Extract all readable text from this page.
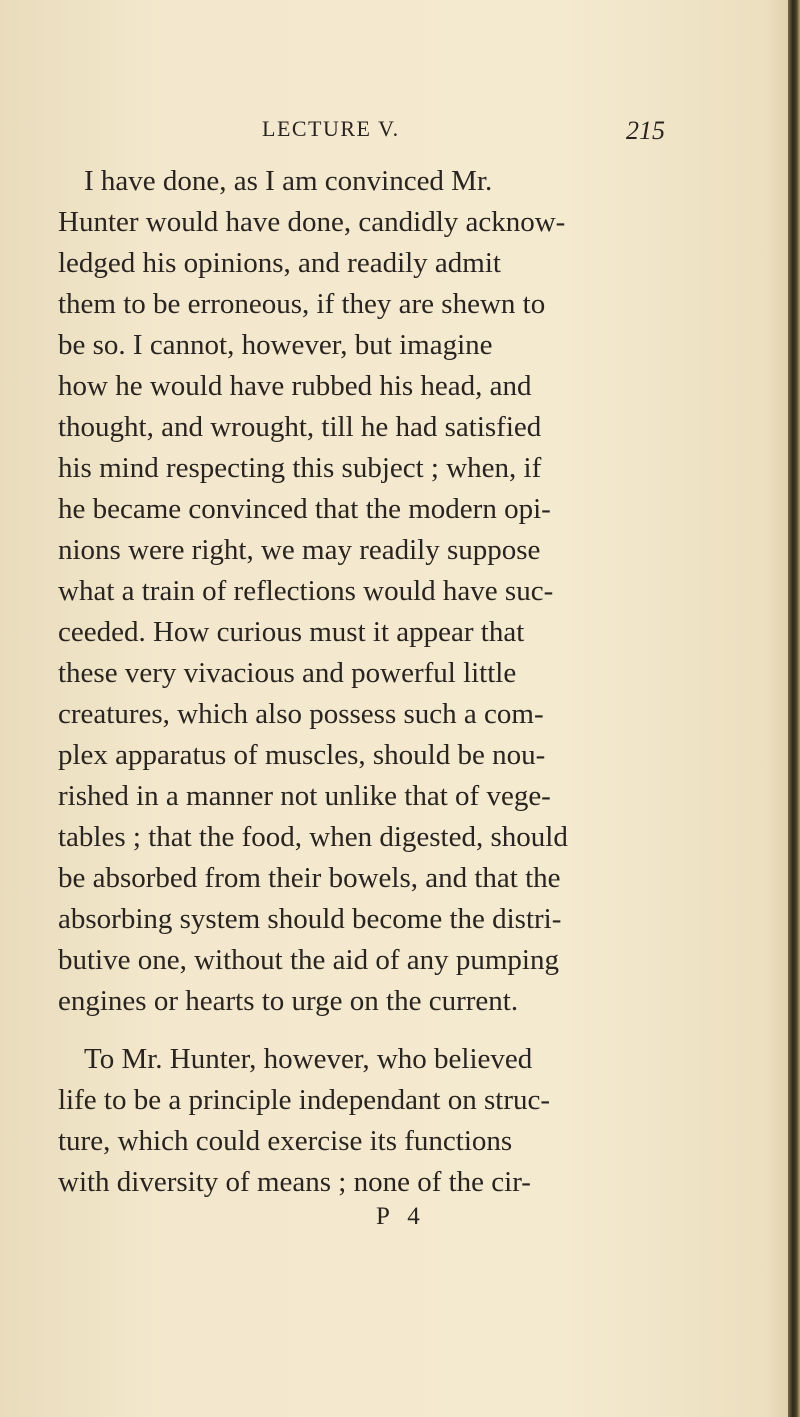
LECTURE V.	215
I have done, as I am convinced Mr.
Hunter would have done, candidly acknow-
ledged his opinions, and readily admit
them to be erroneous, if they are shewn to
be so. I cannot, however, but imagine
how he would have rubbed his head, and
thought, and wrought, till he had satisfied
his mind respecting this subject ; when, if
he became convinced that the modern opi-
nions were right, we may readily suppose
what a train of reflections would have suc-
ceeded. How curious must it appear that
these very vivacious and powerful little
creatures, which also possess such a com-
plex apparatus of muscles, should be nou-
rished in a manner not unlike that of vege-
tables ; that the food, when digested, should
be absorbed from their bowels, and that the
absorbing system should become the distri-
butive one, without the aid of any pumping
engines or hearts to urge on the current.
To Mr. Hunter, however, who believed
life to be a principle independant on struc-
ture, which could exercise its functions
with diversity of means ; none of the cir-
P 4
